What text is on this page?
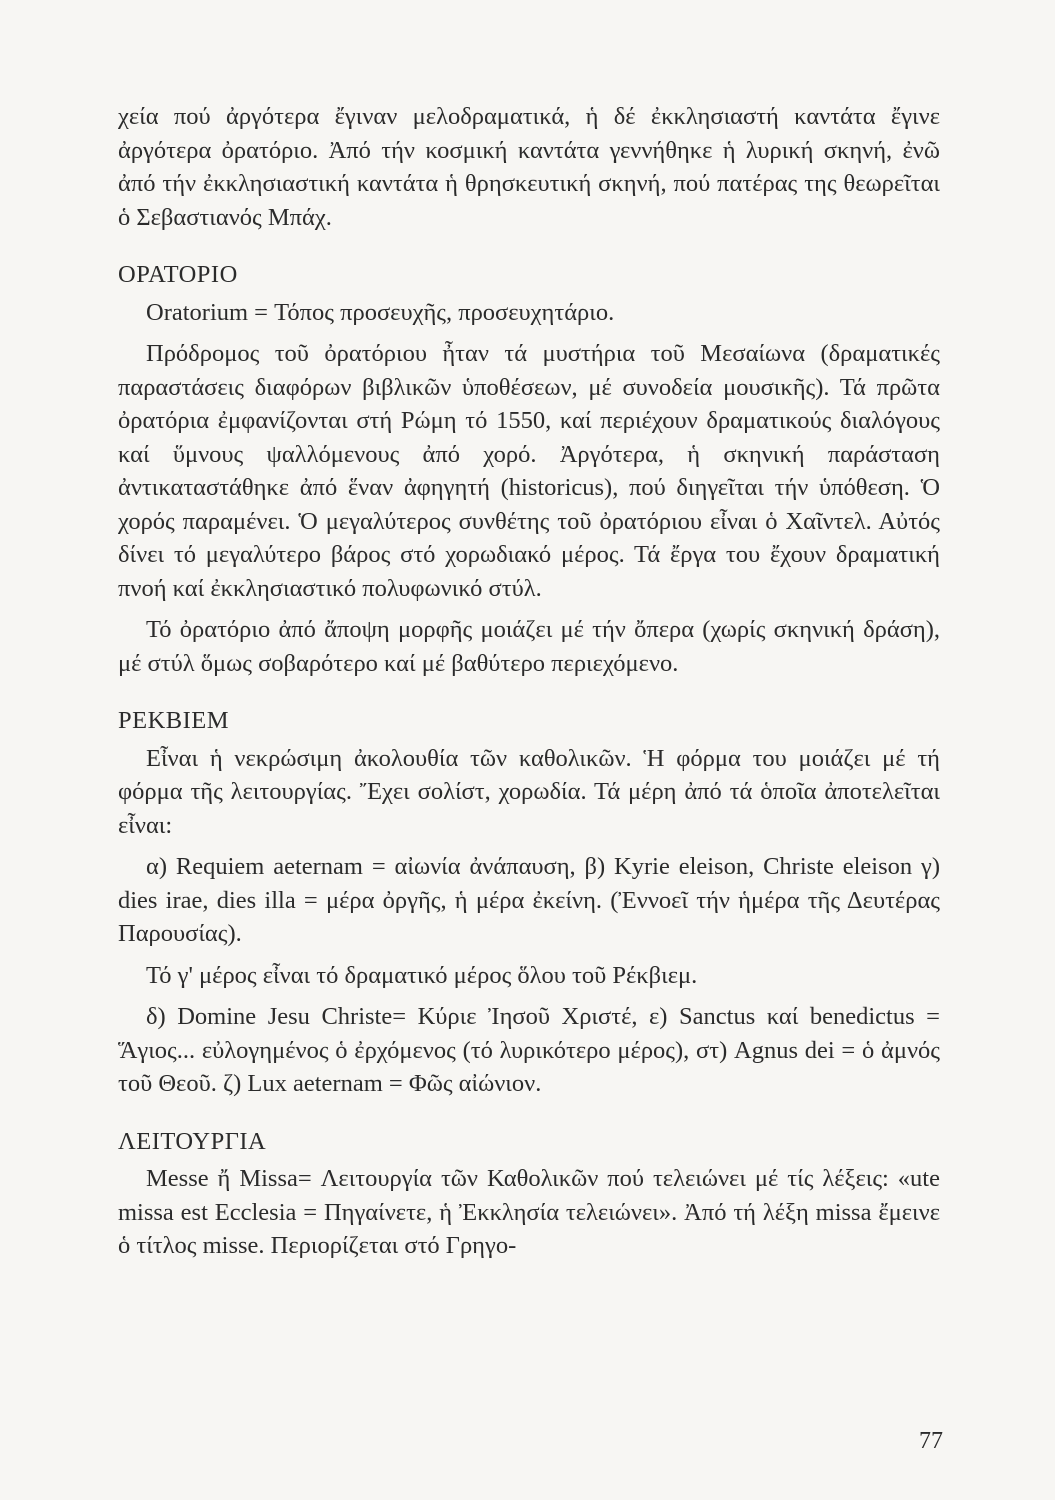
χεία πού ἀργότερα ἔγιναν μελοδραματικά, ἡ δέ ἐκκλησιαστή καντάτα ἔγινε ἀργότερα ὀρατόριο. Ἀπό τήν κοσμική καντάτα γεννήθηκε ἡ λυρική σκηνή, ἐνῶ ἀπό τήν ἐκκλησιαστική καντάτα ἡ θρησκευτική σκηνή, πού πατέρας της θεωρεῖται ὁ Σεβαστιανός Μπάχ.

ΟΡΑΤΟΡΙΟ

Oratorium = Τόπος προσευχῆς, προσευχητάριο.

Πρόδρομος τοῦ ὀρατόριου ἦταν τά μυστήρια τοῦ Μεσαίωνα (δραματικές παραστάσεις διαφόρων βιβλικῶν ὑποθέσεων, μέ συνοδεία μουσικῆς). Τά πρῶτα ὀρατόρια ἐμφανίζονται στή Ρώμη τό 1550, καί περιέχουν δραματικούς διαλόγους καί ὕμνους ψαλλόμενους ἀπό χορό. Ἀργότερα, ἡ σκηνική παράσταση ἀντικαταστάθηκε ἀπό ἕναν ἀφηγητή (historicus), πού διηγεῖται τήν ὑπόθεση. Ὁ χορός παραμένει. Ὁ μεγαλύτερος συνθέτης τοῦ ὀρατόριου εἶναι ὁ Χαῖντελ. Αὐτός δίνει τό μεγαλύτερο βάρος στό χορωδιακό μέρος. Τά ἔργα του ἔχουν δραματική πνοή καί ἐκκλησιαστικό πολυφωνικό στύλ.

Τό ὀρατόριο ἀπό ἄποψη μορφῆς μοιάζει μέ τήν ὄπερα (χωρίς σκηνική δράση), μέ στύλ ὅμως σοβαρότερο καί μέ βαθύτερο περιεχόμενο.

ΡΕΚΒΙΕΜ

Εἶναι ἡ νεκρώσιμη ἀκολουθία τῶν καθολικῶν. Ἡ φόρμα του μοιάζει μέ τή φόρμα τῆς λειτουργίας. Ἔχει σολίστ, χορωδία. Τά μέρη ἀπό τά ὁποῖα ἀποτελεῖται εἶναι:

α) Requiem aeternam = αἰωνία ἀνάπαυση, β) Kyrie eleison, Christe eleison γ) dies irae, dies illa = μέρα ὀργῆς, ἡ μέρα ἐκείνη. (Ἐννοεῖ τήν ἡμέρα τῆς Δευτέρας Παρουσίας).

Τό γ' μέρος εἶναι τό δραματικό μέρος ὅλου τοῦ Ρέκβιεμ.

δ) Domine Jesu Christe= Κύριε Ἰησοῦ Χριστέ, ε) Sanctus καί benedictus = Ἅγιος... εὐλογημένος ὁ ἐρχόμενος (τό λυρικότερο μέρος), στ) Agnus dei = ὁ ἀμνός τοῦ Θεοῦ. ζ) Lux aeternam = Φῶς αἰώνιον.

ΛΕΙΤΟΥΡΓΙΑ

Messe ἤ Missa= Λειτουργία τῶν Καθολικῶν πού τελειώνει μέ τίς λέξεις: «ute missa est Ecclesia = Πηγαίνετε, ἡ Ἐκκλησία τελειώνει». Ἀπό τή λέξη missa ἔμεινε ὁ τίτλος misse. Περιορίζεται στό Γρηγο-

77
